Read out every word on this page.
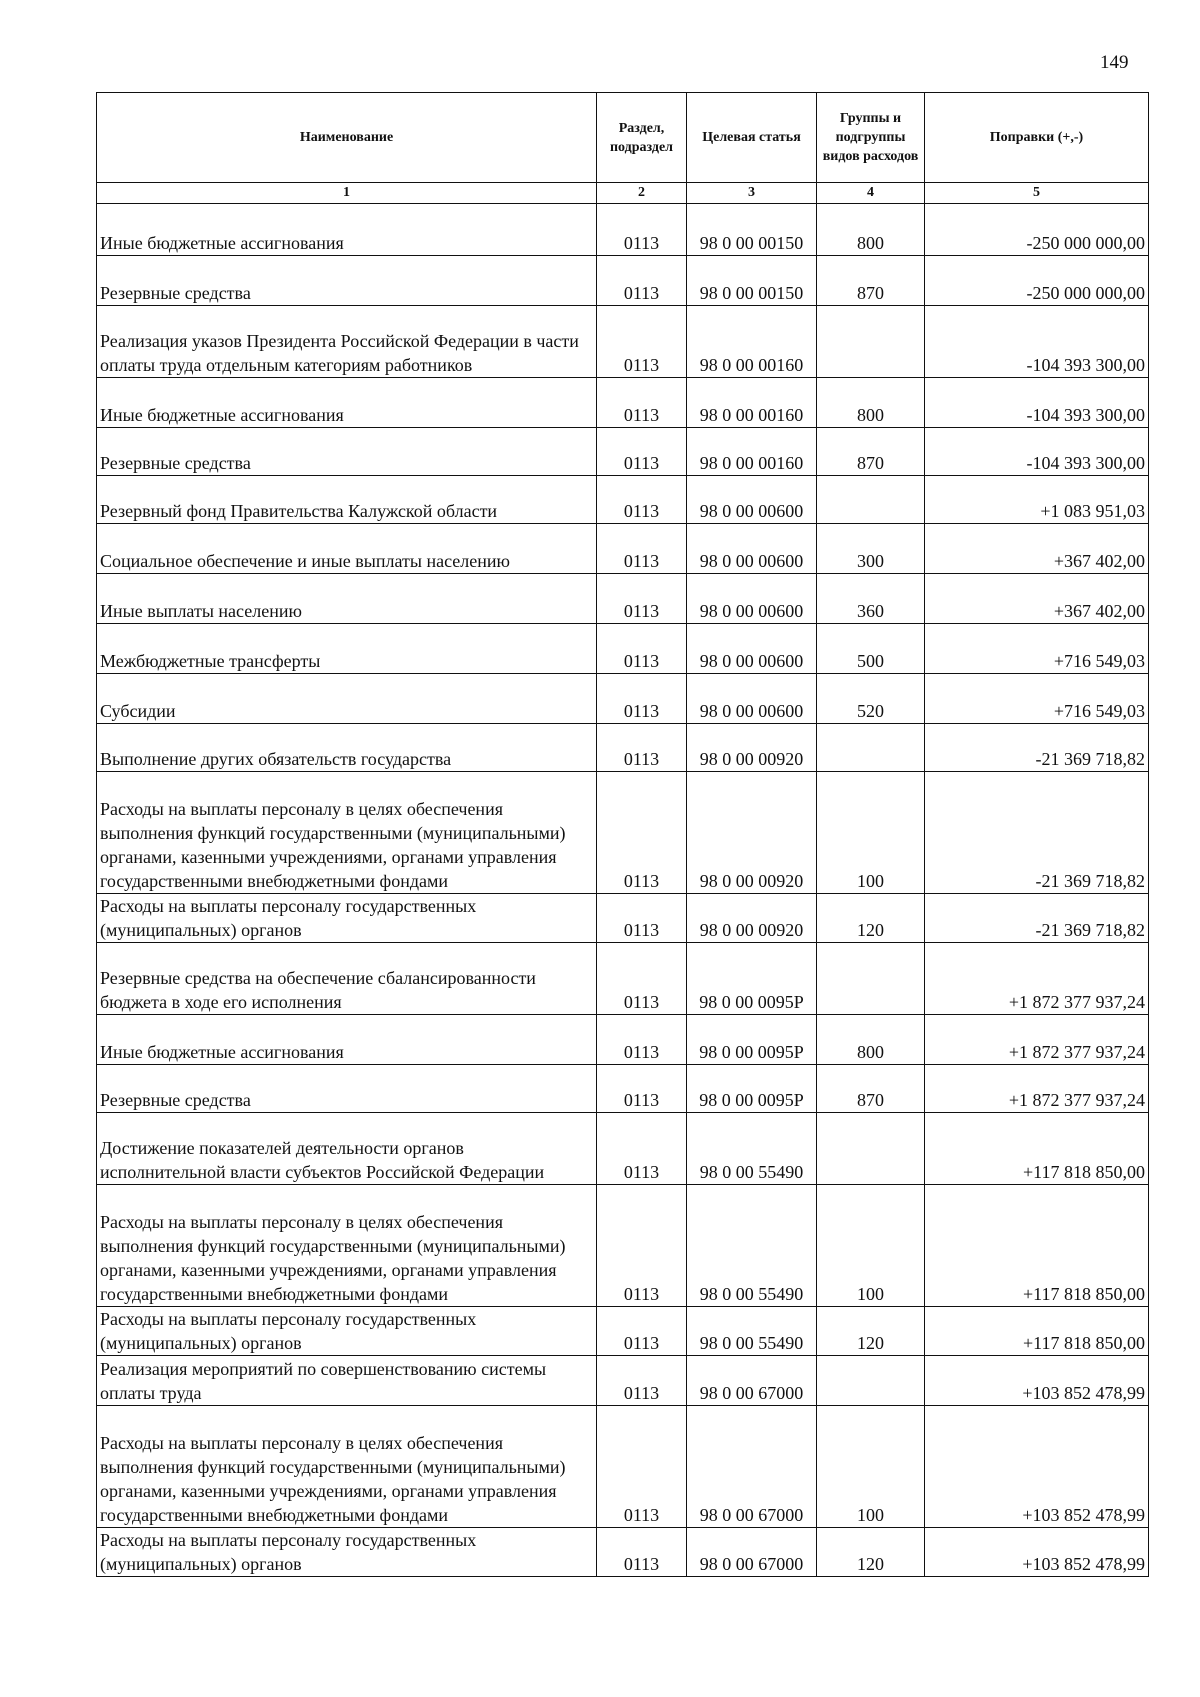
149
Наименование	Раздел, подраздел	Целевая статья	Группы и подгруппы видов расходов	Поправки (+,-)
1	2	3	4	5
Иные бюджетные ассигнования	0113	98 0 00 00150	800	-250 000 000,00
Резервные средства	0113	98 0 00 00150	870	-250 000 000,00
Реализация указов Президента Российской Федерации в части оплаты труда отдельным категориям работников	0113	98 0 00 00160		-104 393 300,00
Иные бюджетные ассигнования	0113	98 0 00 00160	800	-104 393 300,00
Резервные средства	0113	98 0 00 00160	870	-104 393 300,00
Резервный фонд Правительства Калужской области	0113	98 0 00 00600		+1 083 951,03
Социальное обеспечение и иные выплаты населению	0113	98 0 00 00600	300	+367 402,00
Иные выплаты населению	0113	98 0 00 00600	360	+367 402,00
Межбюджетные трансферты	0113	98 0 00 00600	500	+716 549,03
Субсидии	0113	98 0 00 00600	520	+716 549,03
Выполнение других обязательств государства	0113	98 0 00 00920		-21 369 718,82
Расходы на выплаты персоналу в целях обеспечения выполнения функций государственными (муниципальными) органами, казенными учреждениями, органами управления государственными внебюджетными фондами	0113	98 0 00 00920	100	-21 369 718,82
Расходы на выплаты персоналу государственных (муниципальных) органов	0113	98 0 00 00920	120	-21 369 718,82
Резервные средства на обеспечение сбалансированности бюджета в ходе его исполнения	0113	98 0 00 0095P		+1 872 377 937,24
Иные бюджетные ассигнования	0113	98 0 00 0095P	800	+1 872 377 937,24
Резервные средства	0113	98 0 00 0095P	870	+1 872 377 937,24
Достижение показателей деятельности органов исполнительной власти субъектов Российской Федерации	0113	98 0 00 55490		+117 818 850,00
Расходы на выплаты персоналу в целях обеспечения выполнения функций государственными (муниципальными) органами, казенными учреждениями, органами управления государственными внебюджетными фондами	0113	98 0 00 55490	100	+117 818 850,00
Расходы на выплаты персоналу государственных (муниципальных) органов	0113	98 0 00 55490	120	+117 818 850,00
Реализация мероприятий по совершенствованию системы оплаты труда	0113	98 0 00 67000		+103 852 478,99
Расходы на выплаты персоналу в целях обеспечения выполнения функций государственными (муниципальными) органами, казенными учреждениями, органами управления государственными внебюджетными фондами	0113	98 0 00 67000	100	+103 852 478,99
Расходы на выплаты персоналу государственных (муниципальных) органов	0113	98 0 00 67000	120	+103 852 478,99
